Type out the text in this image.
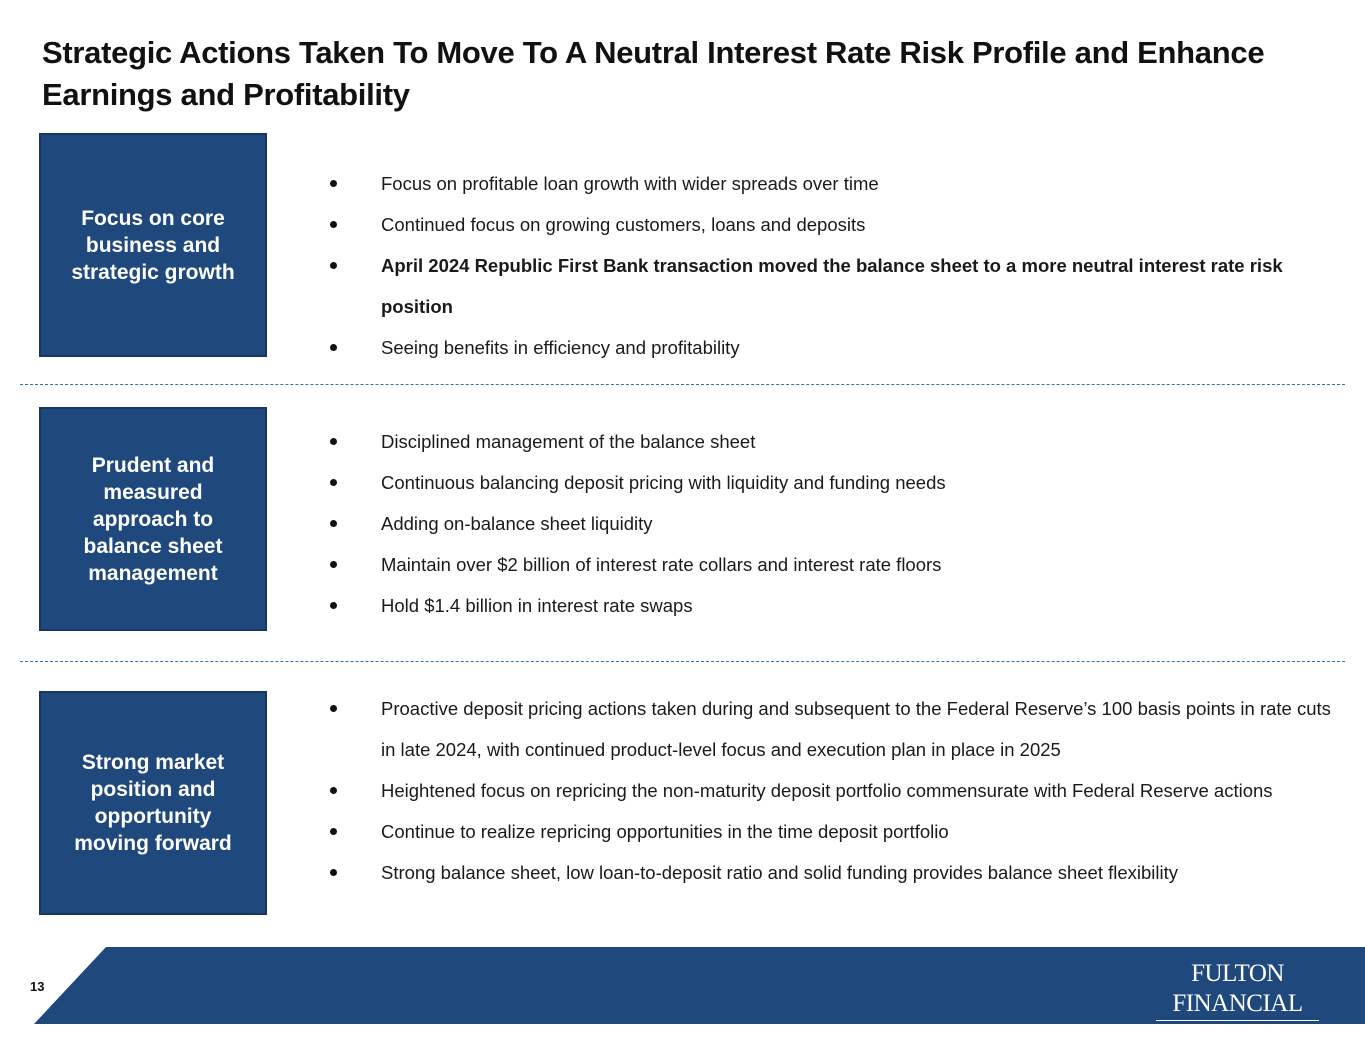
Strategic Actions Taken To Move To A Neutral Interest Rate Risk Profile and Enhance Earnings and Profitability
Focus on core business and strategic growth
Focus on profitable loan growth with wider spreads over time
Continued focus on growing customers, loans and deposits
April 2024 Republic First Bank transaction moved the balance sheet to a more neutral interest rate risk position
Seeing benefits in efficiency and profitability
Prudent and measured approach to balance sheet management
Disciplined management of the balance sheet
Continuous balancing deposit pricing with liquidity and funding needs
Adding on-balance sheet liquidity
Maintain over $2 billion of interest rate collars and interest rate floors
Hold $1.4 billion in interest rate swaps
Strong market position and opportunity moving forward
Proactive deposit pricing actions taken during and subsequent to the Federal Reserve’s 100 basis points in rate cuts in late 2024, with continued product-level focus and execution plan in place in 2025
Heightened focus on repricing the non-maturity deposit portfolio commensurate with Federal Reserve actions
Continue to realize repricing opportunities in the time deposit portfolio
Strong balance sheet, low loan-to-deposit ratio and solid funding provides balance sheet flexibility
13	FULTON FINANCIAL
CORPORATION
